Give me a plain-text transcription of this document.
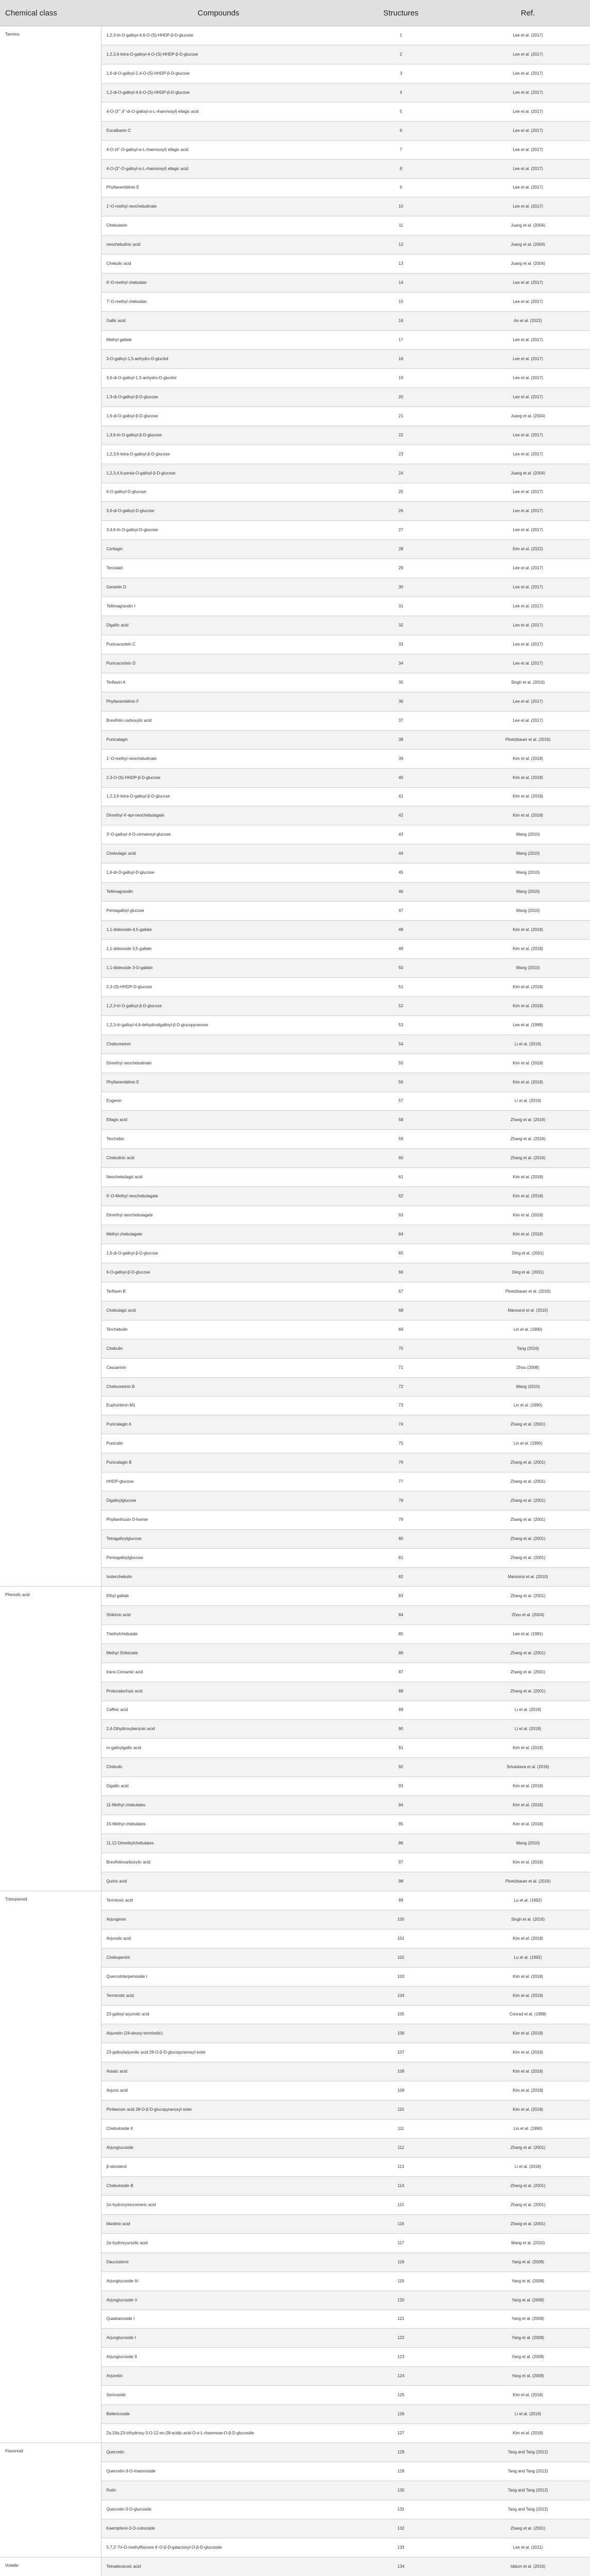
Chemical class	Compounds	Structures	Ref.
Tannins	1,2,3-tri-O-galloyl-4,6-O-(S)-HHDP-β-D-glucose	1	Lee et al. (2017)
	1,2,3,6-tetra-O-galloyl-4-O-(S)-HHDP-β-D-glucose	2	Lee et al. (2017)
	1,6-di-O-galloyl-2,4-O-(S)-HHDP-β-D-glucose	3	Lee et al. (2017)
	1,2-di-O-galloyl-4,6-O-(S)-HHDP-β-D-glucose	4	Lee et al. (2017)
	4-O-(3''',4''-di-O-galloyl-α-L-rhamnosyl) ellagic acid	5	Lee et al. (2017)
	Eucalbanin C	6	Lee et al. (2017)
	4-O-(4''-O-galloyl-α-L-rhamnosyl) ellagic acid	7	Lee et al. (2017)
	4-O-(3''-O-galloyl-α-L-rhamnosyl) ellagic acid	8	Lee et al. (2017)
	Phyllanemblinin E	9	Lee et al. (2017)
	1'-O-methyl neochebulinate	10	Lee et al. (2017)
	Chebulanin	11	Juang et al. (2004)
	neochebulinic acid	12	Juang et al. (2004)
	Chebulic acid	13	Juang et al. (2004)
	6'-O-methyl chebulate	14	Lee et al. (2017)
	7'-O-methyl chebulate	15	Lee et al. (2017)
	Gallic acid	16	An et al. (2022)
	Methyl gallate	17	Lee et al. (2017)
	3-O-galloyl-1,5-anhydro-D-glucitol	18	Lee et al. (2017)
	3,6-di-O-galloyl-1,5-anhydro-D-glucitol	19	Lee et al. (2017)
	1,3-di-O-galloyl-β-D-glucose	20	Lee et al. (2017)
	1,6-di-O-galloyl-β-D-glucose	21	Juang et al. (2004)
	1,3,6-tri-O-galloyl-β-D-glucose	22	Lee et al. (2017)
	1,2,3,6-tetra-O-galloyl-β-D-glucose	23	Lee et al. (2017)
	1,2,3,4,6-penta-O-galloyl-β-D-glucose	24	Juang et al. (2004)
	6-O-galloyl-D-glucose	25	Lee et al. (2017)
	3,6-di-O-galloyl-D-glucose	26	Lee et al. (2017)
	3,4,6-tri-O-galloyl-D-glucose	27	Lee et al. (2017)
	Corilagin	28	Kim et al. (2022)
	Tercatain	29	Lee et al. (2017)
	Geraniin D	30	Lee et al. (2017)
	Tellimagrandin I	31	Lee et al. (2017)
	Digallic acid	32	Lee et al. (2017)
	Punicacortein C	33	Lee et al. (2017)
	Punicacortein D	34	Lee et al. (2017)
	Terflavin A	35	Singh et al. (2016)
	Phyllanemblinin F	36	Lee et al. (2017)
	Brevifolin carboxylic acid	37	Lee et al. (2017)
	Punicalagin	38	Ploetzbauer et al. (2016)
	1'-O-methyl neochebulinate	39	Kim et al. (2018)
	2,3-O-(S)-HHDP-β-D-glucose	40	Kim et al. (2018)
	1,2,3,6-tetra-O-galloyl-β-D-glucose	41	Kim et al. (2018)
	Dimethyl 4'-epi-neochebulagate	42	Kim et al. (2018)
	3'-O-galloyl-4-O-cinnamoyl glucose	43	Wang (2010)
	Chebulagic acid	44	Wang (2010)
	1,6-di-O-galloyl-D-glucose	45	Wang (2010)
	Tellimagrandin	46	Wang (2010)
	Pentagalloyl glucose	47	Wang (2010)
	1,1-dideoxide-4,5-gallate	48	Kim et al. (2018)
	1,1-dideoxide 3,5-gallate	49	Kim et al. (2018)
	1,1-dideoxide 3-O-gallate	50	Wang (2010)
	2,3-(S)-HHDP-D-glucose	51	Kim et al. (2018)
	1,2,3-tri-O-galloyl-β-D-glucose	52	Kim et al. (2018)
	1,2,3-tri-galloyl-4,6-dehydrodigalloyl-β-D-glucopyranose	53	Lee et al. (1998)
	Chebumeinin	54	Li et al. (2019)
	Dimethyl neochebulinate	55	Kim et al. (2018)
	Phyllanemblinin E	56	Kim et al. (2018)
	Eugenin	57	Li et al. (2019)
	Ellagic acid	58	Zhang et al. (2016)
	Terchebin	59	Zhang et al. (2016)
	Chebulinic acid	60	Zhang et al. (2016)
	Neochebulagic acid	61	Kim et al. (2018)
	6'-O-Methyl neochebulagate	62	Kim et al. (2018)
	Dimethyl neochebulagate	63	Kim et al. (2018)
	Methyl chebulagate	64	Kim et al. (2018)
	1,6-di-O-galloyl-β-D-glucose	65	Ding et al. (2001)
	6-O-galloyl-β-D-glucose	66	Ding et al. (2001)
	Terflavin B	67	Ploetzbauer et al. (2016)
	Chebulagic acid	68	Manosroi et al. (2010)
	Terchebulin	69	Lin et al. (1990)
	Chebulin	70	Tang (2016)
	Casuarinin	71	Zhou (2008)
	Chebumeinin B	72	Wang (2010)
	Euphorbinin M1	73	Lin et al. (1990)
	Punicalagin A	74	Zhang et al. (2001)
	Punicalin	75	Lin et al. (1990)
	Punicalagin B	76	Zhang et al. (2001)
	HHDP-glucose	77	Zhang et al. (2001)
	Digalloylglucose	78	Zhang et al. (2001)
	Phyllanthusin D-homer	79	Zhang et al. (2001)
	Tetragalloylglucose	80	Zhang et al. (2001)
	Pentagalloylglucose	81	Zhang et al. (2001)
	Isoterchebulin	82	Manosroi et al. (2010)
Phenolic acid	Ethyl gallate	83	Zhang et al. (2001)
	Shikimic acid	84	Zhou et al. (2004)
	Triethylchebulate	85	Lee et al. (1991)
	Methyl Shikimate	86	Zhang et al. (2001)
	trans-Cinnamic acid	87	Zhang et al. (2001)
	Protocatechuic acid	88	Zhang et al. (2001)
	Caffeic acid	89	Li et al. (2019)
	2,4-Dihydroxybenzoic acid	90	Li et al. (2019)
	m-galloylgallic acid	91	Kim et al. (2018)
	Chebulic	92	Srivastava et al. (2016)
	Digallic acid	93	Kim et al. (2018)
	11-Methyl chebulates	94	Kim et al. (2018)
	15-Methyl chebulates	95	Kim et al. (2018)
	11,12-Dimethylchebulates	96	Wang (2010)
	Brevifolincarboxylic acid	97	Kim et al. (2018)
	Quinic acid	98	Ploetzbauer et al. (2016)
Triterpenoid	Terminoic acid	99	Lu et al. (1992)
	Arjungenin	100	Singh et al. (2016)
	Arjunolic acid	101	Kim et al. (2018)
	Chebupentol	102	Lu et al. (1992)
	Quercotriterpenoside I	103	Kim et al. (2018)
	Terminolic acid	104	Kim et al. (2018)
	23-galloyl arjunolic acid	105	Conrad et al. (1998)
	Arjunetin (24-deoxy-terminolic)	106	Kim et al. (2018)
	23-galloylarjunolic acid 28-O-β-D-glucopyranosyl ester	107	Kim et al. (2018)
	Asiatic acid	108	Kim et al. (2018)
	Arjunic acid	109	Kim et al. (2018)
	Pinfaensin acid 28-O-β-D-glucopyranosyl ester	110	Kim et al. (2018)
	Chebuloside II	111	Lin et al. (1990)
	Arjunglucoside	112	Zhang et al. (2001)
	β-sitosterol	113	Li et al. (2019)
	Chebuloside B	114	Zhang et al. (2001)
	2α-hydroxymicromeric acid	115	Zhang et al. (2001)
	Maslinic acid	116	Zhang et al. (2001)
	2α-hydroxyursolic acid	117	Wang et al. (2010)
	Daucosterol	118	Yang et al. (2008)
	Arjunglucoside IV	119	Yang et al. (2008)
	Arjunglucoside V	120	Yang et al. (2008)
	Quadranoside I	121	Yang et al. (2008)
	Arjunglucoside I	122	Yang et al. (2008)
	Arjunglucoside II	123	Yang et al. (2008)
	Arjunetin	124	Yang et al. (2008)
	Sericoside	125	Kim et al. (2018)
	Bellericoside	126	Li et al. (2019)
	2α,19α,23-trihydroxy-3-O-12-en-28-acidic acid-O-α-L-rhamnose-O-β-D-glucoside	127	Kim et al. (2018)
Flavonoid	Quercetin	128	Tang and Tang (2012)
	Quercetin-3-O-rhamnoside	129	Tang and Tang (2012)
	Rutin	130	Tang and Tang (2012)
	Quercetin-3-O-glucoside	131	Tang and Tang (2012)
	Kaempferol-3-O-rutinoside	132	Zhang et al. (2001)
	5,7,2'-Tri-O-methylflavone 4'-O-β-D-galactosyl-O-β-D-glucoside	133	Lee et al. (2011)
Volatile	Tetradecanoic acid	134	Iddum et al. (2016)
